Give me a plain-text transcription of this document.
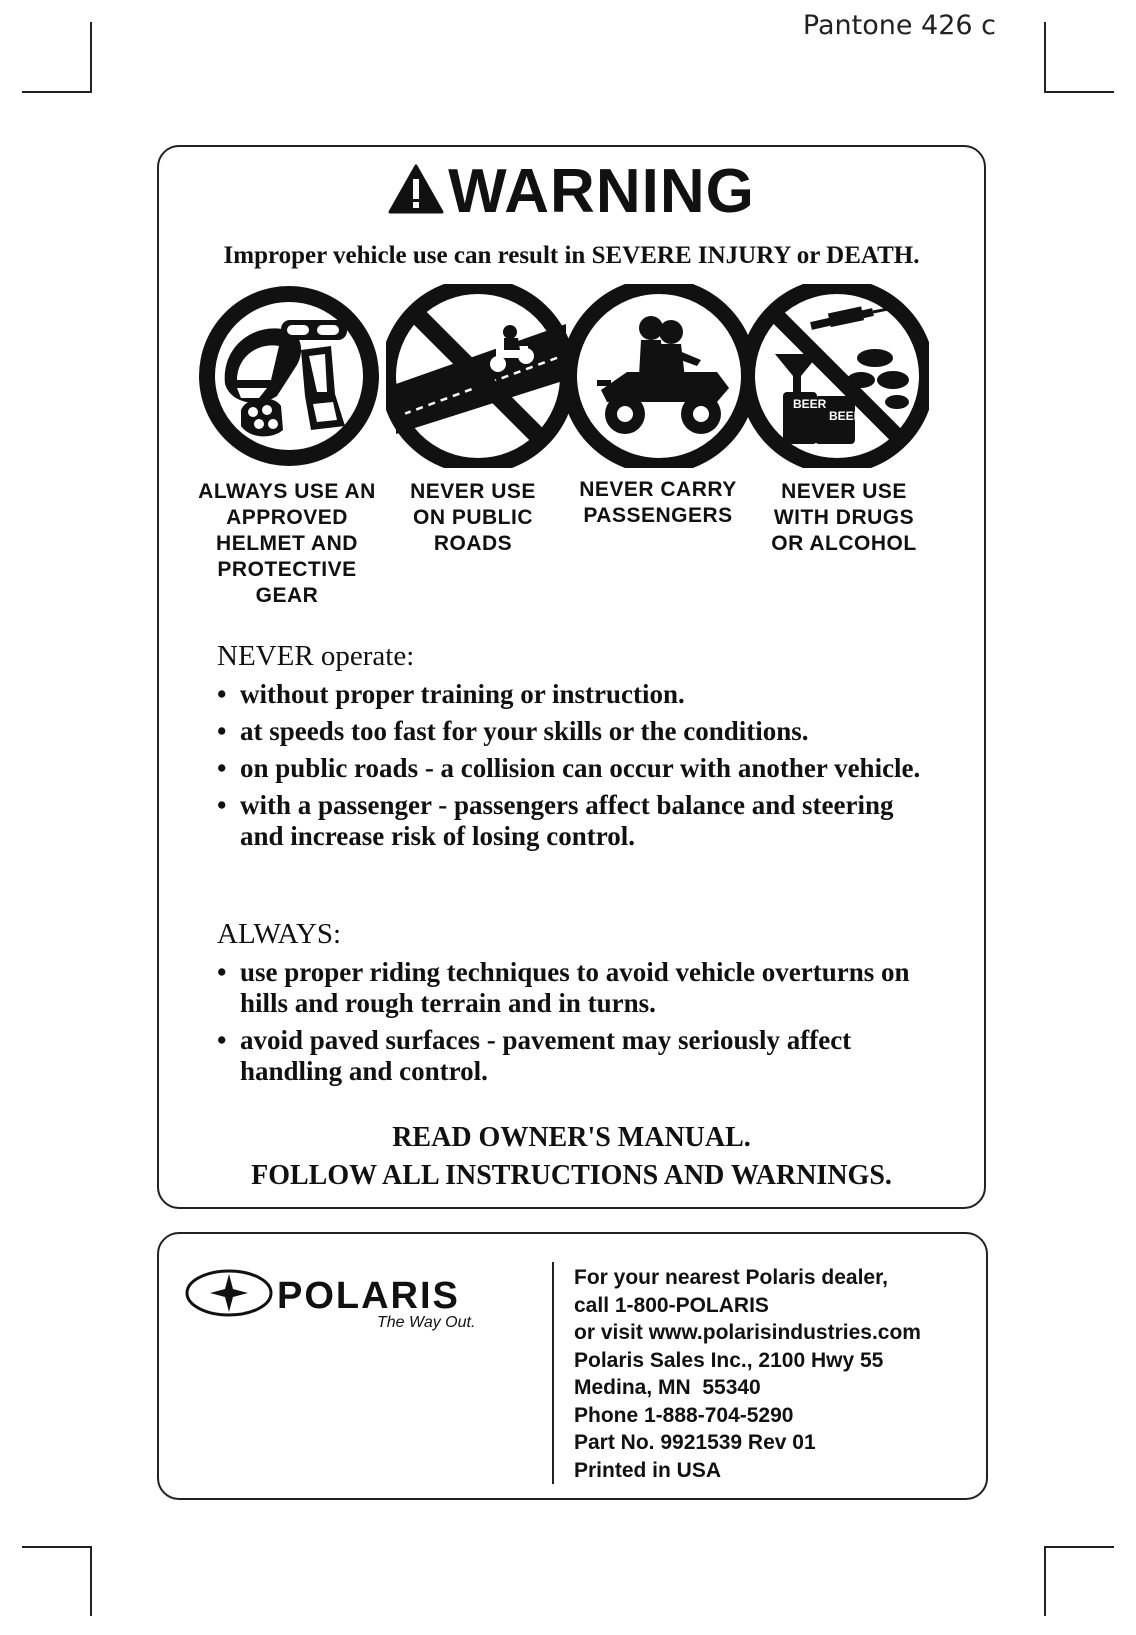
Pantone 426 c
WARNING
Improper vehicle use can result in SEVERE INJURY or DEATH.
BEER
BEER
ALWAYS USE AN APPROVED HELMET AND PROTECTIVE GEAR
NEVER USE ON PUBLIC ROADS
NEVER CARRY PASSENGERS
NEVER USE WITH DRUGS OR ALCOHOL
NEVER operate:
• without proper training or instruction.
• at speeds too fast for your skills or the conditions.
• on public roads - a collision can occur with another vehicle.
• with a passenger - passengers affect balance and steering and increase risk of losing control.
ALWAYS:
• use proper riding techniques to avoid vehicle overturns on hills and rough terrain and in turns.
• avoid paved surfaces - pavement may seriously affect handling and control.
READ OWNER'S MANUAL.
FOLLOW ALL INSTRUCTIONS AND WARNINGS.
POLARIS
The Way Out.
For your nearest Polaris dealer,
call 1-800-POLARIS
or visit www.polarisindustries.com
Polaris Sales Inc., 2100 Hwy 55
Medina, MN  55340
Phone 1-888-704-5290
Part No. 9921539 Rev 01
Printed in USA
